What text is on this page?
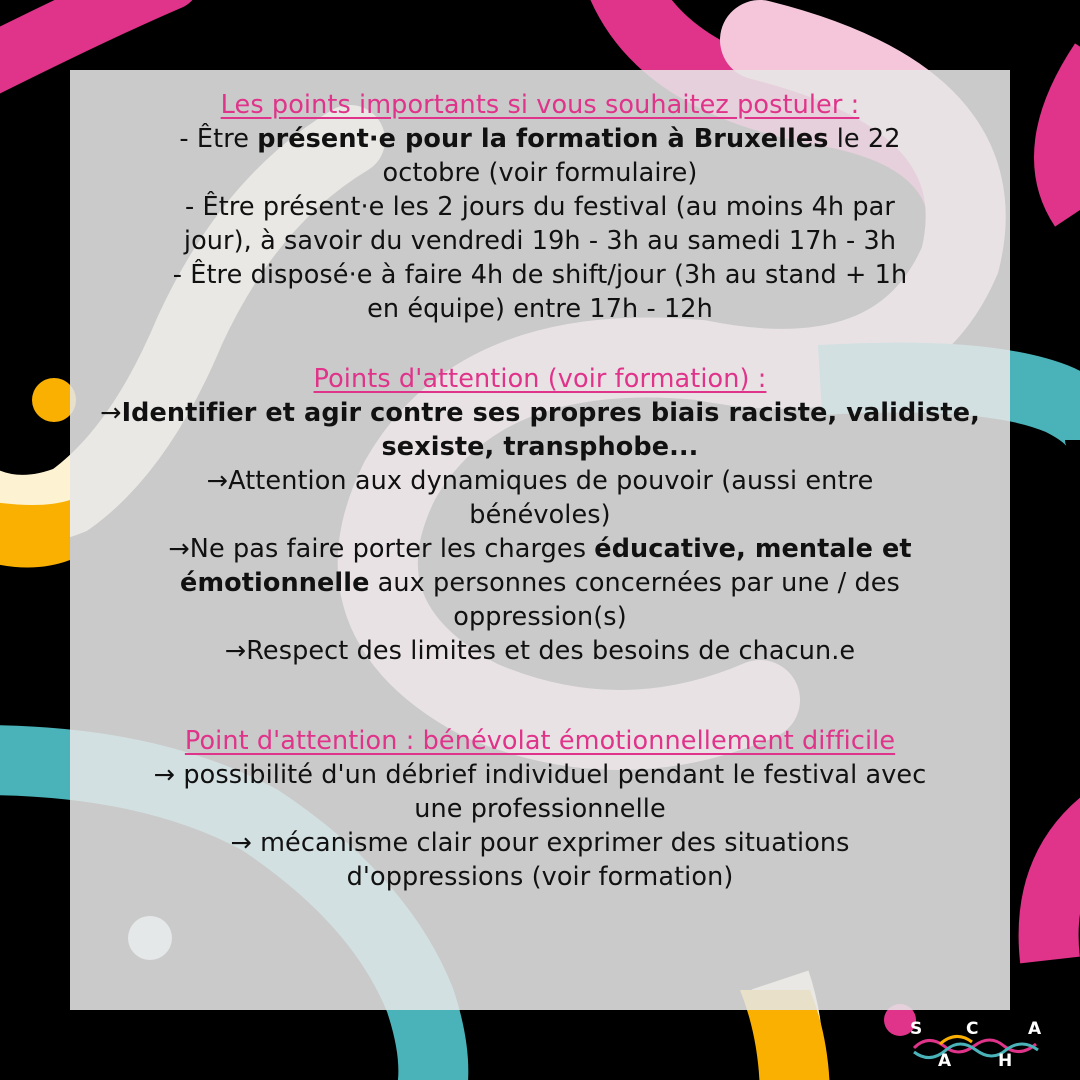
Les points importants si vous souhaitez postuler :
- Être présent·e pour la formation à Bruxelles le 22
octobre (voir formulaire)
- Être présent·e les 2 jours du festival (au moins 4h par
jour), à savoir du vendredi 19h - 3h au samedi 17h - 3h
- Être disposé·e à faire 4h de shift/jour (3h au stand + 1h
en équipe) entre 17h - 12h
Points d'attention (voir formation) :
→Identifier et agir contre ses propres biais raciste, validiste,
sexiste, transphobe...
→Attention aux dynamiques de pouvoir (aussi entre
bénévoles)
→Ne pas faire porter les charges éducative, mentale et
émotionnelle aux personnes concernées par une / des
oppression(s)
→Respect des limites et des besoins de chacun.e
Point d'attention : bénévolat émotionnellement difficile
→ possibilité d'un débrief individuel pendant le festival avec
une professionnelle
→ mécanisme clair pour exprimer des situations
d'oppressions (voir formation)
S
A
C
H
A
